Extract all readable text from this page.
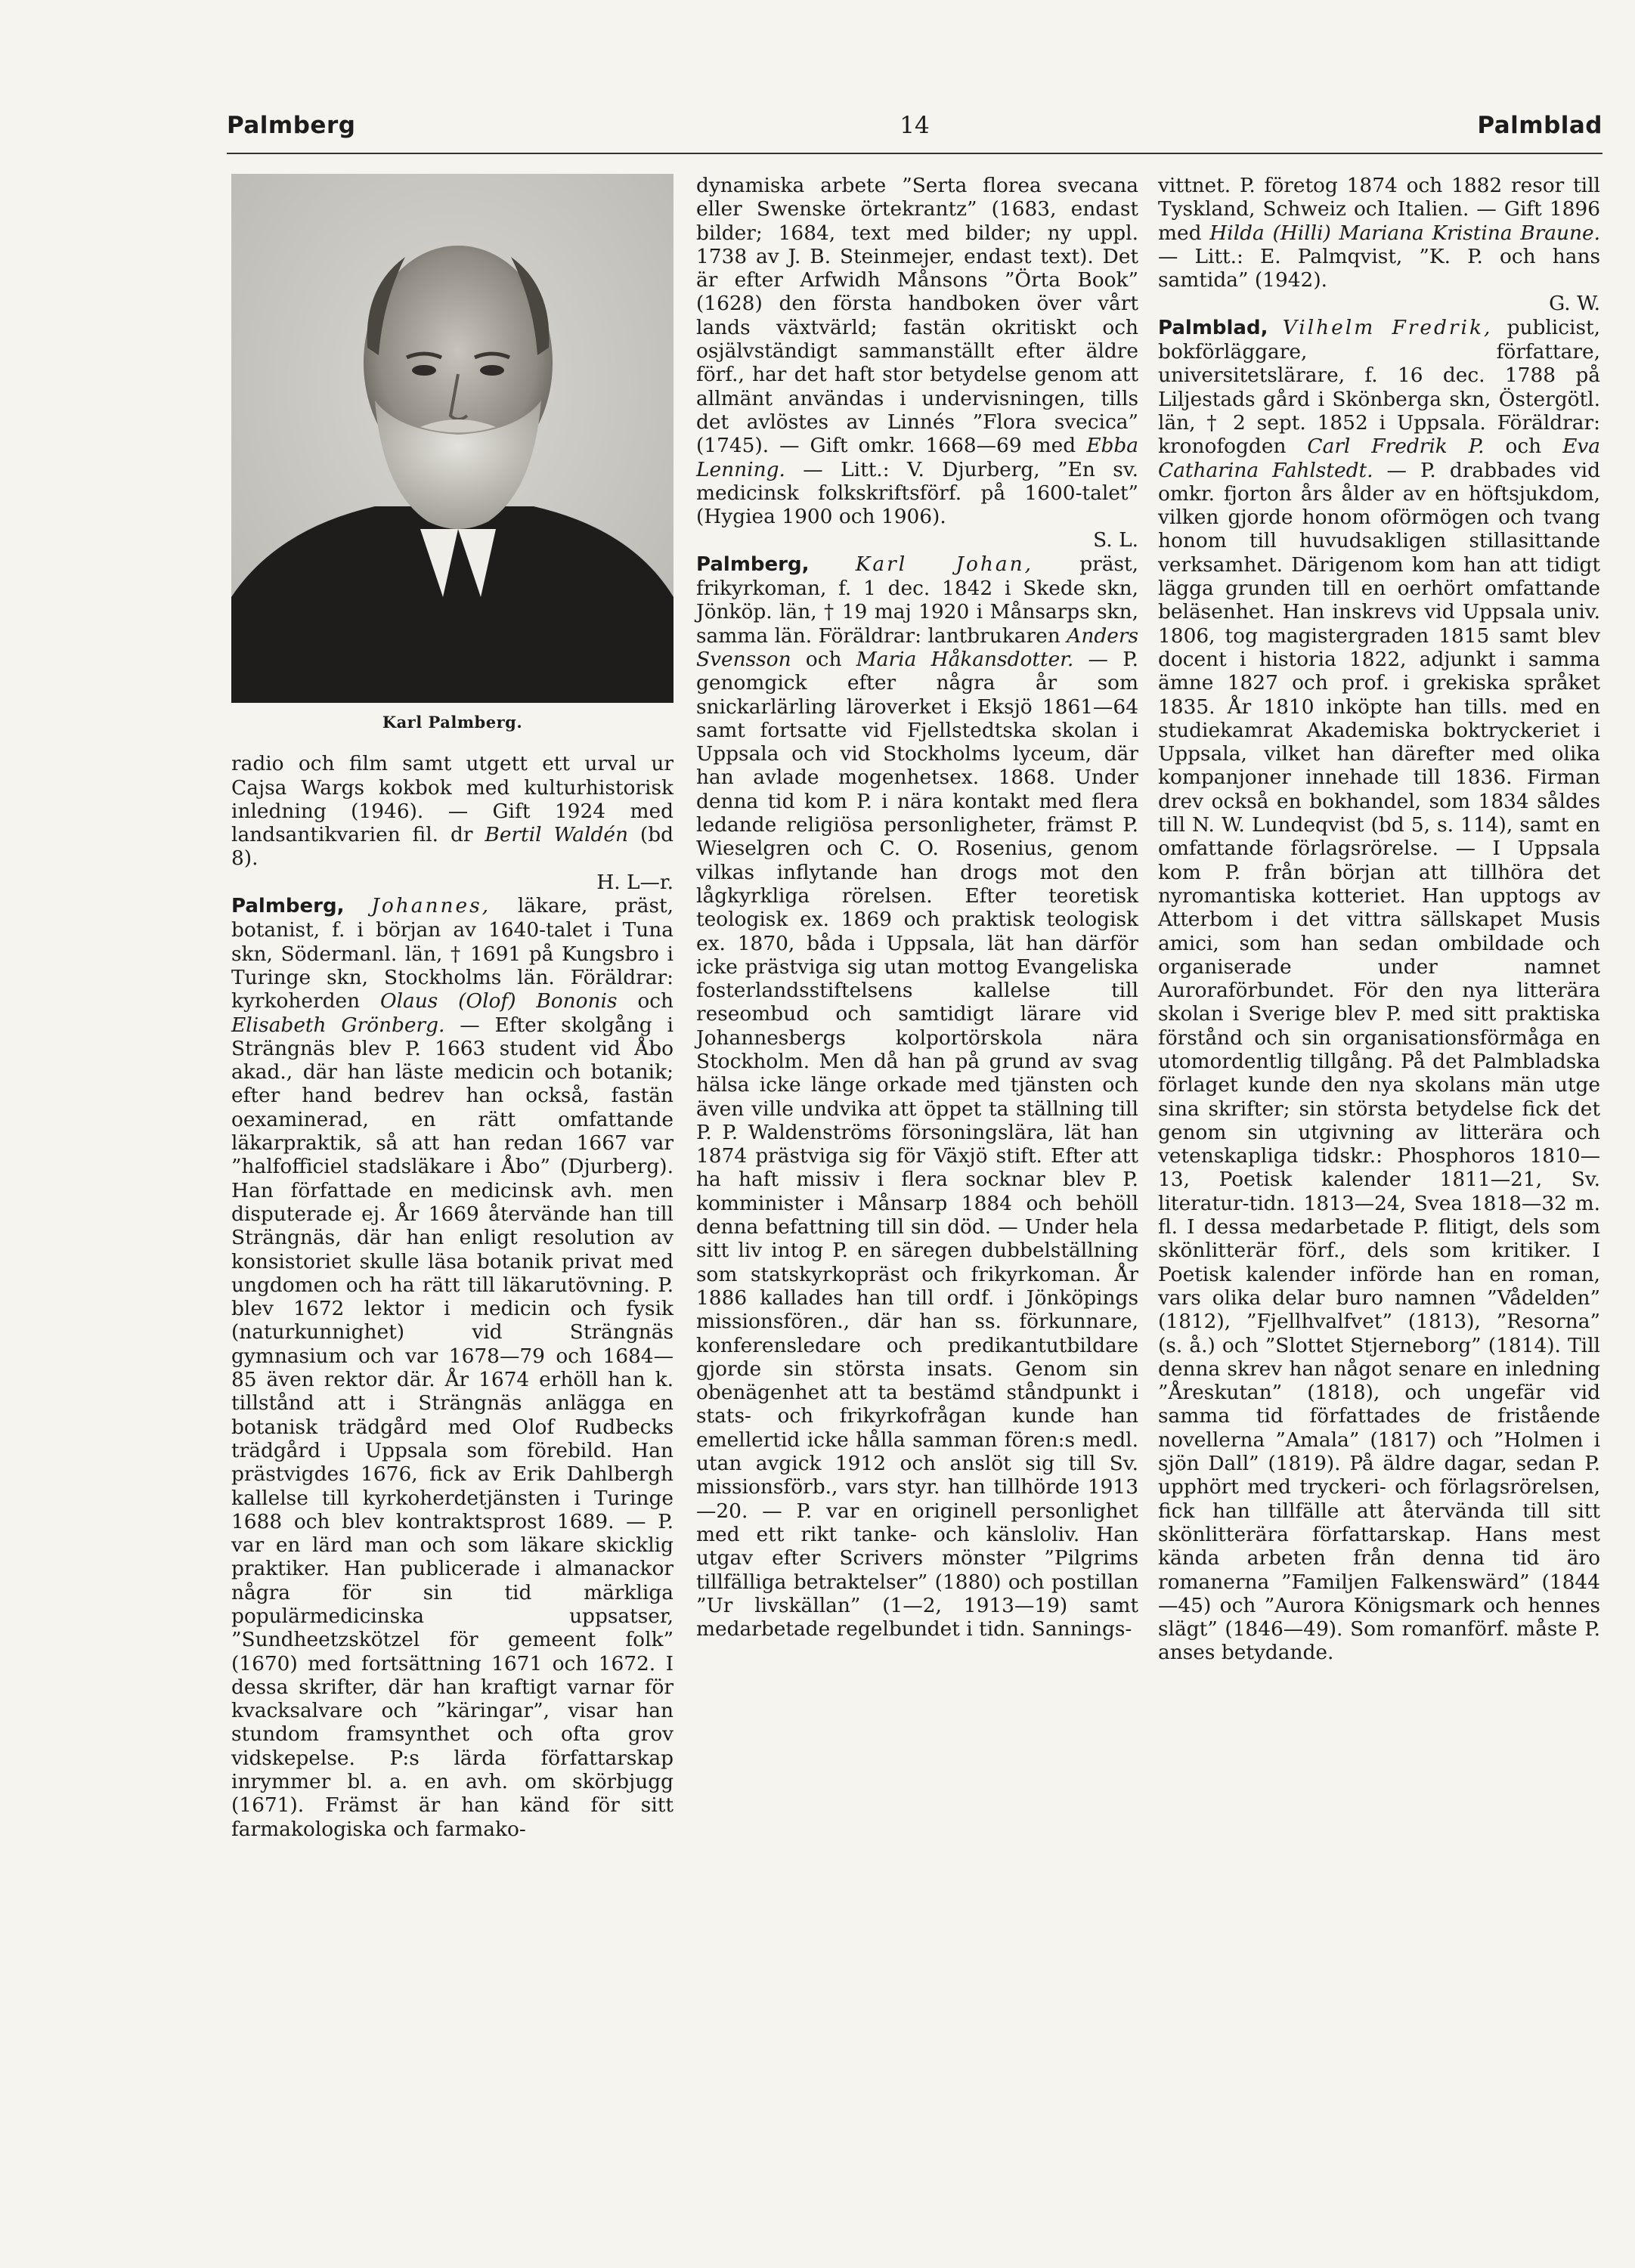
Palmberg	14	Palmblad
Karl Palmberg.

radio och film samt utgett ett urval ur Cajsa Wargs kokbok med kulturhistorisk inledning (1946). — Gift 1924 med landsantikvarien fil. dr Bertil Waldén (bd 8).
H. L—r.

Palmberg, Johannes, läkare, präst, botanist, f. i början av 1640-talet i Tuna skn, Södermanl. län, † 1691 på Kungsbro i Turinge skn, Stockholms län. Föräldrar: kyrkoherden Olaus (Olof) Bononis och Elisabeth Grönberg. — Efter skolgång i Strängnäs blev P. 1663 student vid Åbo akad., där han läste medicin och botanik; efter hand bedrev han också, fastän oexaminerad, en rätt omfattande läkarpraktik, så att han redan 1667 var ”halfofficiel stadsläkare i Åbo” (Djurberg). Han författade en medicinsk avh. men disputerade ej. År 1669 återvände han till Strängnäs, där han enligt resolution av konsistoriet skulle läsa botanik privat med ungdomen och ha rätt till läkarutövning. P. blev 1672 lektor i medicin och fysik (naturkunnighet) vid Strängnäs gymnasium och var 1678—79 och 1684—85 även rektor där. År 1674 erhöll han k. tillstånd att i Strängnäs anlägga en botanisk trädgård med Olof Rudbecks trädgård i Uppsala som förebild. Han prästvigdes 1676, fick av Erik Dahlbergh kallelse till kyrkoherdetjänsten i Turinge 1688 och blev kontraktsprost 1689. — P. var en lärd man och som läkare skicklig praktiker. Han publicerade i almanackor några för sin tid märkliga populärmedicinska uppsatser, ”Sundheetzskötzel för gemeent folk” (1670) med fortsättning 1671 och 1672. I dessa skrifter, där han kraftigt varnar för kvacksalvare och ”käringar”, visar han stundom framsynthet och ofta grov vidskepelse. P:s lärda författarskap inrymmer bl. a. en avh. om skörbjugg (1671). Främst är han känd för sitt farmakologiska och farmako-

dynamiska arbete ”Serta florea svecana eller Swenske örtekrantz” (1683, endast bilder; 1684, text med bilder; ny uppl. 1738 av J. B. Steinmejer, endast text). Det är efter Arfwidh Månsons ”Örta Book” (1628) den första handboken över vårt lands växtvärld; fastän okritiskt och osjälvständigt sammanställt efter äldre förf., har det haft stor betydelse genom att allmänt användas i undervisningen, tills det avlöstes av Linnés ”Flora svecica” (1745). — Gift omkr. 1668—69 med Ebba Lenning. — Litt.: V. Djurberg, ”En sv. medicinsk folkskriftsförf. på 1600-talet” (Hygiea 1900 och 1906).
S. L.

Palmberg, Karl Johan, präst, frikyrkoman, f. 1 dec. 1842 i Skede skn, Jönköp. län, † 19 maj 1920 i Månsarps skn, samma län. Föräldrar: lantbrukaren Anders Svensson och Maria Håkansdotter. — P. genomgick efter några år som snickarlärling läroverket i Eksjö 1861—64 samt fortsatte vid Fjellstedtska skolan i Uppsala och vid Stockholms lyceum, där han avlade mogenhetsex. 1868. Under denna tid kom P. i nära kontakt med flera ledande religiösa personligheter, främst P. Wieselgren och C. O. Rosenius, genom vilkas inflytande han drogs mot den lågkyrkliga rörelsen. Efter teoretisk teologisk ex. 1869 och praktisk teologisk ex. 1870, båda i Uppsala, lät han därför icke prästviga sig utan mottog Evangeliska fosterlandsstiftelsens kallelse till reseombud och samtidigt lärare vid Johannesbergs kolportörskola nära Stockholm. Men då han på grund av svag hälsa icke länge orkade med tjänsten och även ville undvika att öppet ta ställning till P. P. Waldenströms försoningslära, lät han 1874 prästviga sig för Växjö stift. Efter att ha haft missiv i flera socknar blev P. komminister i Månsarp 1884 och behöll denna befattning till sin död. — Under hela sitt liv intog P. en säregen dubbelställning som statskyrkopräst och frikyrkoman. År 1886 kallades han till ordf. i Jönköpings missionsfören., där han ss. förkunnare, konferensledare och predikantutbildare gjorde sin största insats. Genom sin obenägenhet att ta bestämd ståndpunkt i stats- och frikyrkofrågan kunde han emellertid icke hålla samman fören:s medl. utan avgick 1912 och anslöt sig till Sv. missionsförb., vars styr. han tillhörde 1913—20. — P. var en originell personlighet med ett rikt tanke- och känsloliv. Han utgav efter Scrivers mönster ”Pilgrims tillfälliga betraktelser” (1880) och postillan ”Ur livskällan” (1—2, 1913—19) samt medarbetade regelbundet i tidn. Sannings-

vittnet. P. företog 1874 och 1882 resor till Tyskland, Schweiz och Italien. — Gift 1896 med Hilda (Hilli) Mariana Kristina Braune. — Litt.: E. Palmqvist, ”K. P. och hans samtida” (1942).
G. W.

Palmblad, Vilhelm Fredrik, publicist, bokförläggare, författare, universitetslärare, f. 16 dec. 1788 på Liljestads gård i Skönberga skn, Östergötl. län, † 2 sept. 1852 i Uppsala. Föräldrar: kronofogden Carl Fredrik P. och Eva Catharina Fahlstedt. — P. drabbades vid omkr. fjorton års ålder av en höftsjukdom, vilken gjorde honom oförmögen och tvang honom till huvudsakligen stillasittande verksamhet. Därigenom kom han att tidigt lägga grunden till en oerhört omfattande beläsenhet. Han inskrevs vid Uppsala univ. 1806, tog magistergraden 1815 samt blev docent i historia 1822, adjunkt i samma ämne 1827 och prof. i grekiska språket 1835. År 1810 inköpte han tills. med en studiekamrat Akademiska boktryckeriet i Uppsala, vilket han därefter med olika kompanjoner innehade till 1836. Firman drev också en bokhandel, som 1834 såldes till N. W. Lundeqvist (bd 5, s. 114), samt en omfattande förlagsrörelse. — I Uppsala kom P. från början att tillhöra det nyromantiska kotteriet. Han upptogs av Atterbom i det vittra sällskapet Musis amici, som han sedan ombildade och organiserade under namnet Auroraförbundet. För den nya litterära skolan i Sverige blev P. med sitt praktiska förstånd och sin organisationsförmåga en utomordentlig tillgång. På det Palmbladska förlaget kunde den nya skolans män utge sina skrifter; sin största betydelse fick det genom sin utgivning av litterära och vetenskapliga tidskr.: Phosphoros 1810—13, Poetisk kalender 1811—21, Sv. literatur-tidn. 1813—24, Svea 1818—32 m. fl. I dessa medarbetade P. flitigt, dels som skönlitterär förf., dels som kritiker. I Poetisk kalender införde han en roman, vars olika delar buro namnen ”Vådelden” (1812), ”Fjellhvalfvet” (1813), ”Resorna” (s. å.) och ”Slottet Stjerneborg” (1814). Till denna skrev han något senare en inledning ”Åreskutan” (1818), och ungefär vid samma tid författades de fristående novellerna ”Amala” (1817) och ”Holmen i sjön Dall” (1819). På äldre dagar, sedan P. upphört med tryckeri- och förlagsrörelsen, fick han tillfälle att återvända till sitt skönlitterära författarskap. Hans mest kända arbeten från denna tid äro romanerna ”Familjen Falkenswärd” (1844—45) och ”Aurora Königsmark och hennes slägt” (1846—49). Som romanförf. måste P. anses betydande.
